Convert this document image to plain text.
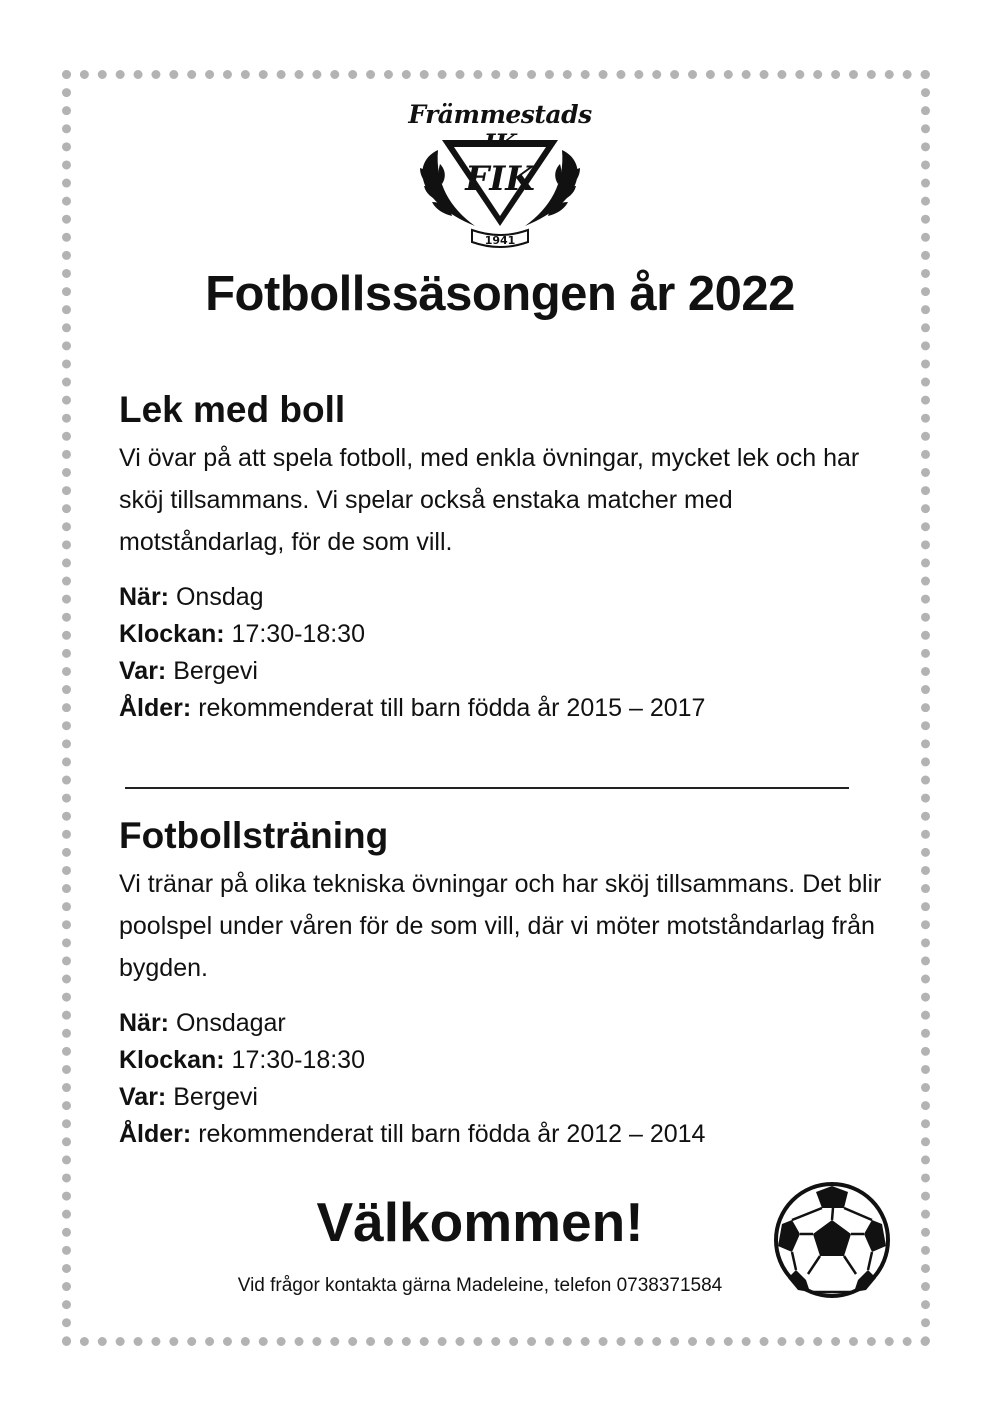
Främmestads
FIK
1941
Fotbollssäsongen år 2022
Lek med boll

Vi övar på att spela fotboll, med enkla övningar, mycket lek och har sköj tillsammans. Vi spelar också enstaka matcher med motståndarlag, för de som vill.

När: Onsdag
Klockan: 17:30-18:30
Var: Bergevi
Ålder: rekommenderat till barn födda år 2015 – 2017
Fotbollsträning

Vi tränar på olika tekniska övningar och har sköj tillsammans. Det blir poolspel under våren för de som vill, där vi möter motståndarlag från bygden.

När: Onsdagar
Klockan: 17:30-18:30
Var: Bergevi
Ålder: rekommenderat till barn födda år 2012 – 2014
Välkommen!
Vid frågor kontakta gärna Madeleine, telefon 0738371584
